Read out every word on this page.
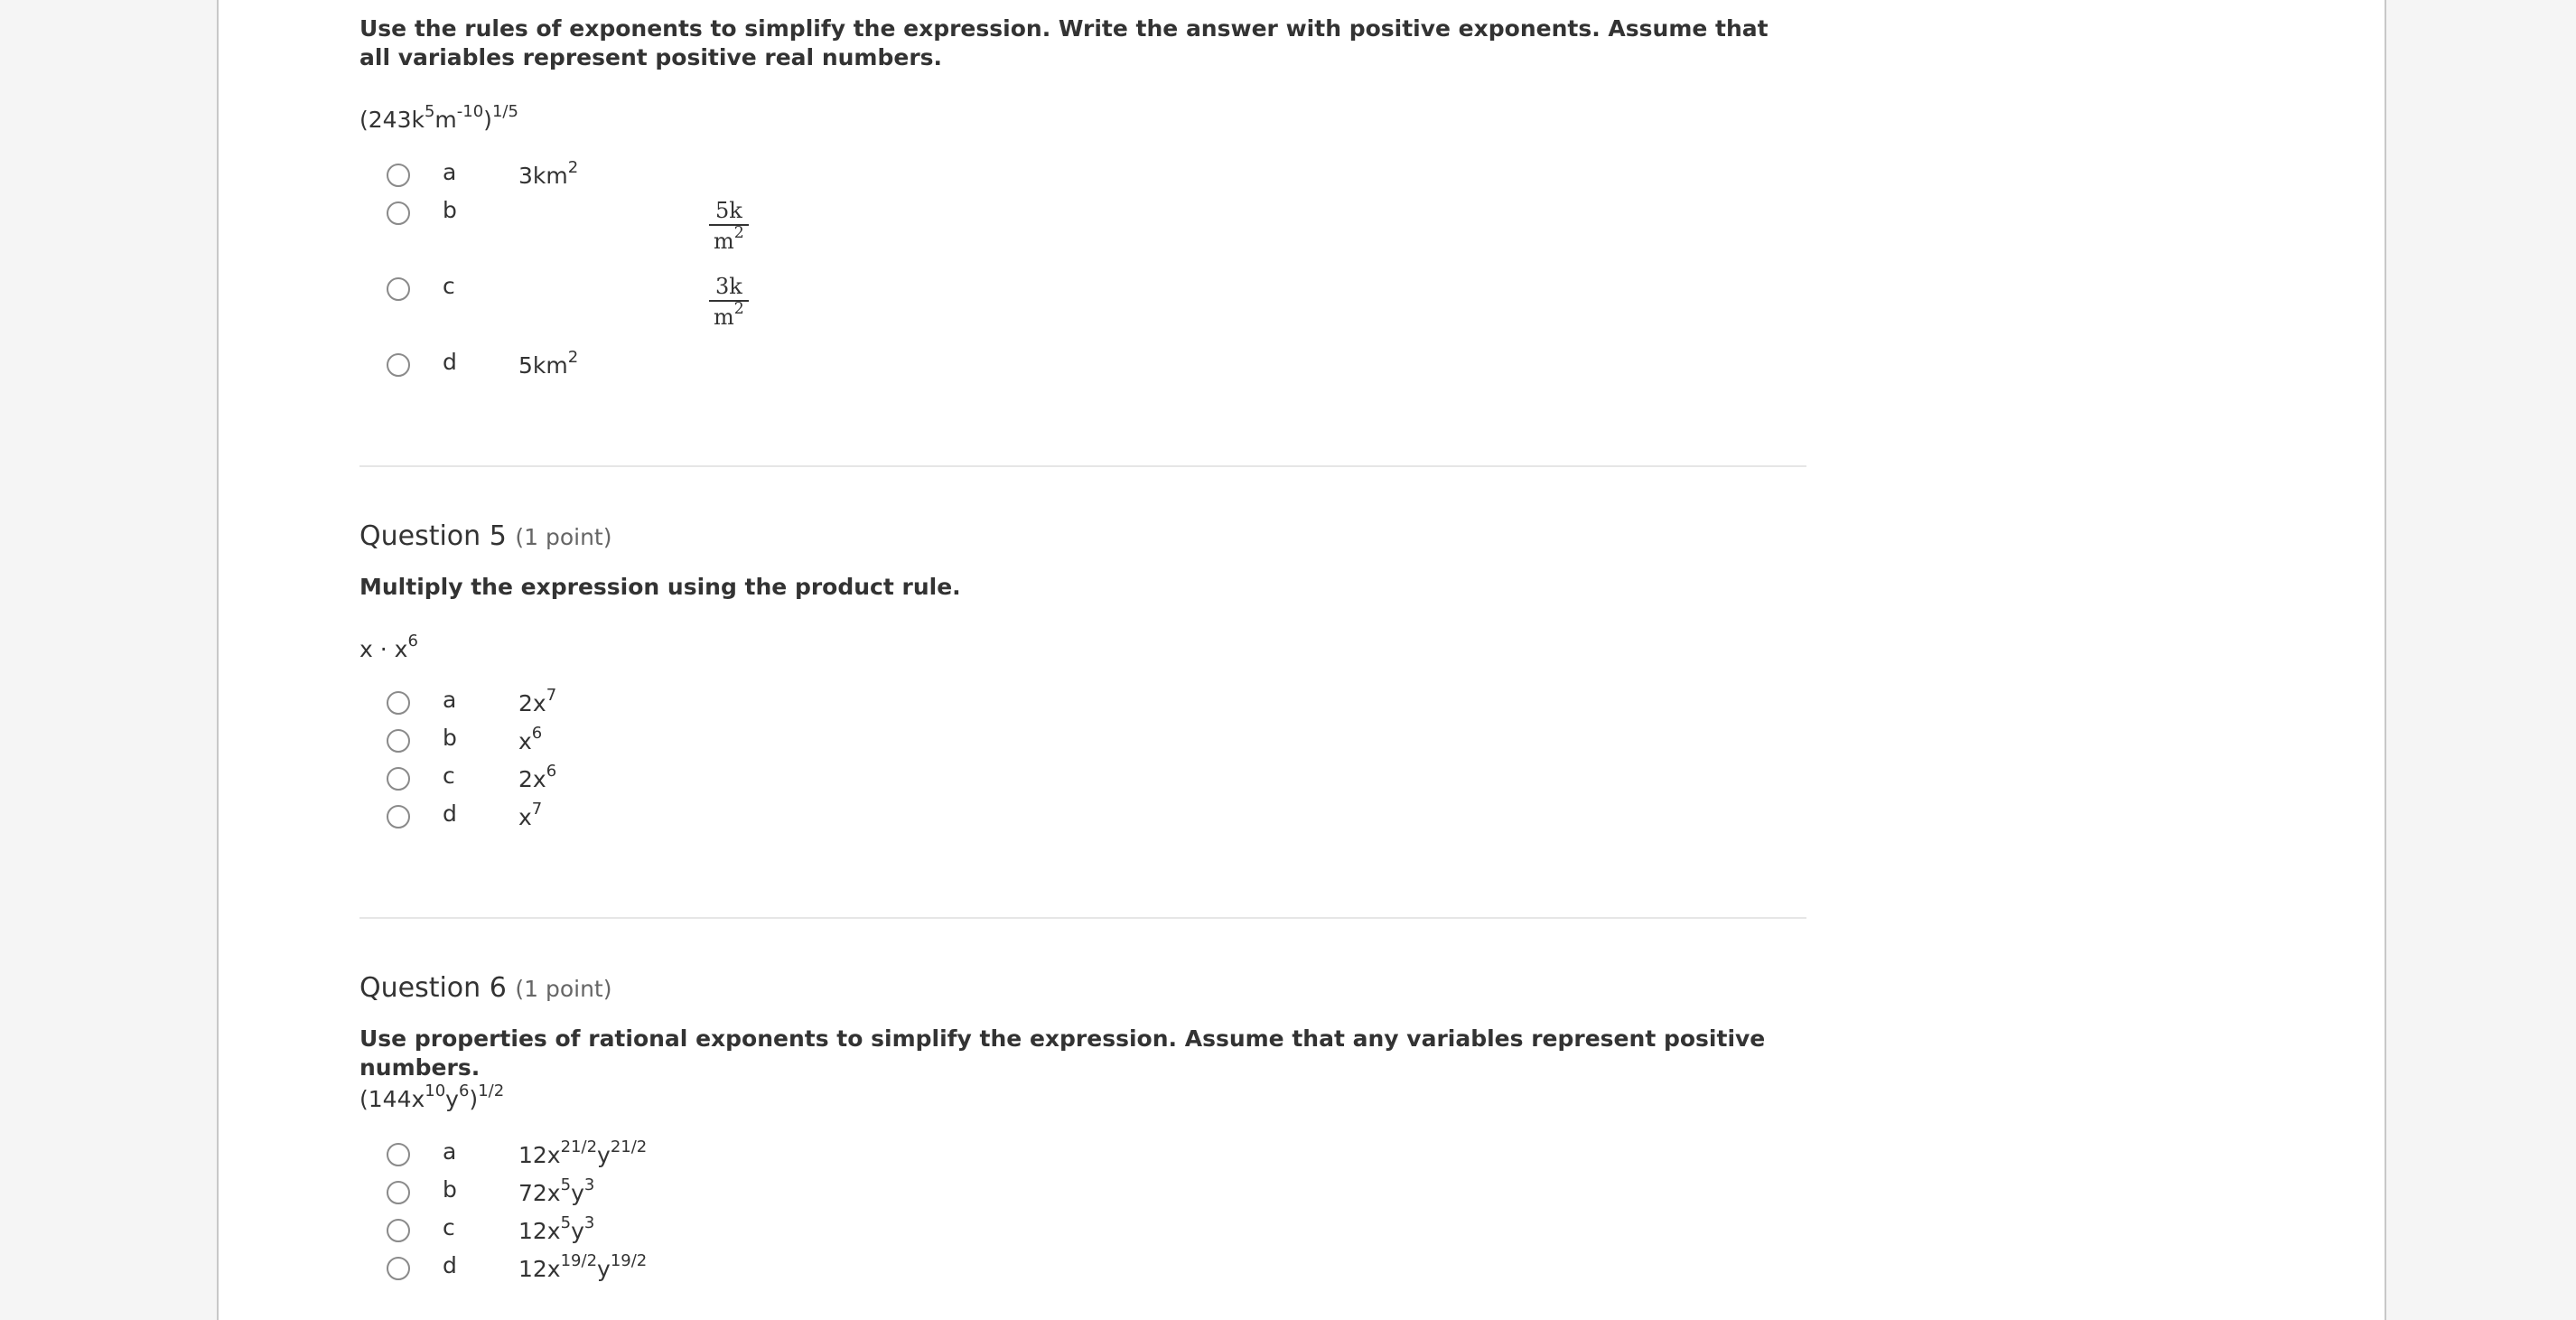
Use the rules of exponents to simplify the expression. Write the answer with positive exponents. Assume that all variables represent positive real numbers.

$(243k^5m^{-10})^{1/5}$
a	$3km^2$
b	5k
$m^2$
c	3k
$m^2$
d	$5km^2$
Question 5 (1 point)

Multiply the expression using the product rule.

$x \cdot x^6$
a	$2x^7$
b	$x^6$
c	$2x^6$
d	$x^7$
Question 6 (1 point)

Use properties of rational exponents to simplify the expression. Assume that any variables represent positive numbers.

$(144x^{10}y^6)^{1/2}$
a	$12x^{21/2}y^{21/2}$
b	$72x^5y^3$
c	$12x^5y^3$
d	$12x^{19/2}y^{19/2}$
